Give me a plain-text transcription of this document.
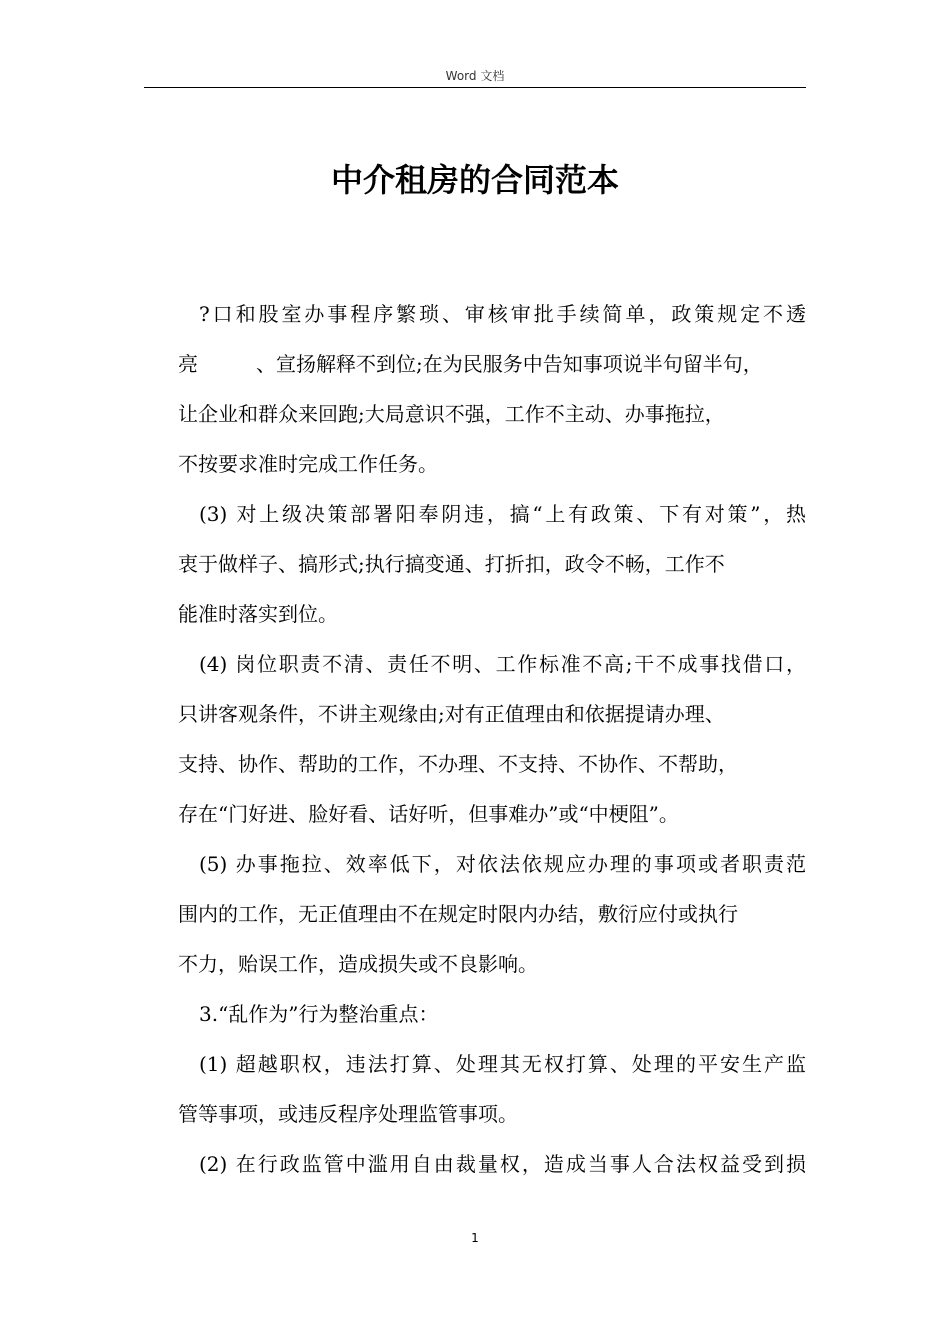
Word 文档
中介租房的合同范本
?口和股室办事程序繁琐、审核审批手续简单，政策规定不透
亮	、宣扬解释不到位;在为民服务中告知事项说半句留半句，
让企业和群众来回跑;大局意识不强，工作不主动、办事拖拉，
不按要求准时完成工作任务。
(3) 对上级决策部署阳奉阴违，搞“上有政策、下有对策”，热
衷于做样子、搞形式;执行搞变通、打折扣，政令不畅，工作不
能准时落实到位。
(4) 岗位职责不清、责任不明、工作标准不高;干不成事找借口，
只讲客观条件，不讲主观缘由;对有正值理由和依据提请办理、
支持、协作、帮助的工作，不办理、不支持、不协作、不帮助，
存在“门好进、脸好看、话好听，但事难办”或“中梗阻”。
(5) 办事拖拉、效率低下，对依法依规应办理的事项或者职责范
围内的工作，无正值理由不在规定时限内办结，敷衍应付或执行
不力，贻误工作，造成损失或不良影响。
3.“乱作为”行为整治重点：
(1) 超越职权，违法打算、处理其无权打算、处理的平安生产监
管等事项，或违反程序处理监管事项。
(2) 在行政监管中滥用自由裁量权，造成当事人合法权益受到损
1
